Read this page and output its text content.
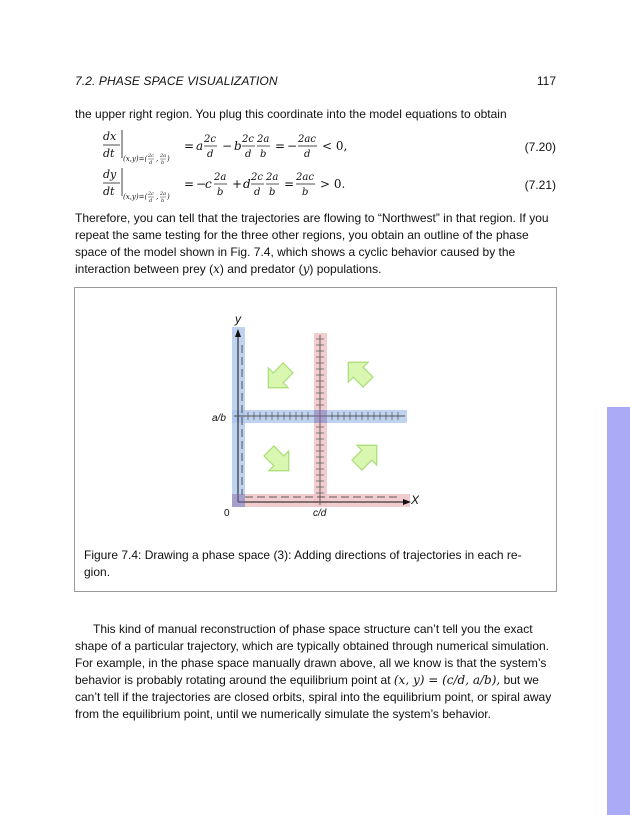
7.2. PHASE SPACE VISUALIZATION	117
the upper right region. You plug this coordinate into the model equations to obtain
dx
dt (x,y)=( 2c
d , 2a
b )
= a 2c
d
− b 2c
d
2a
b
= − 2ac
d
< 0,	(7.20)
dy
dt (x,y)=( 2c
d , 2a
b )
= −
c 2a
b
+ d 2c
d
2a
b
= 2ac
b
> 0.	(7.21)
Therefore, you can tell that the trajectories are flowing to “Northwest” in that region. If you
repeat the same testing for the three other regions, you obtain an outline of the phase
space of the model shown in Fig. 7.4, which shows a cyclic behavior caused by the
interaction between prey (x) and predator (y) populations.
y
X
0
a/b
c/d
Figure 7.4: Drawing a phase space (3): Adding directions of trajectories in each re-
gion.
This kind of manual reconstruction of phase space structure can’t tell you the exact
shape of a particular trajectory, which are typically obtained through numerical simulation.
For example, in the phase space manually drawn above, all we know is that the system’s
behavior is probably rotating around the equilibrium point at (x, y) = (c/d, a/b), but we
can’t tell if the trajectories are closed orbits, spiral into the equilibrium point, or spiral away
from the equilibrium point, until we numerically simulate the system’s behavior.
